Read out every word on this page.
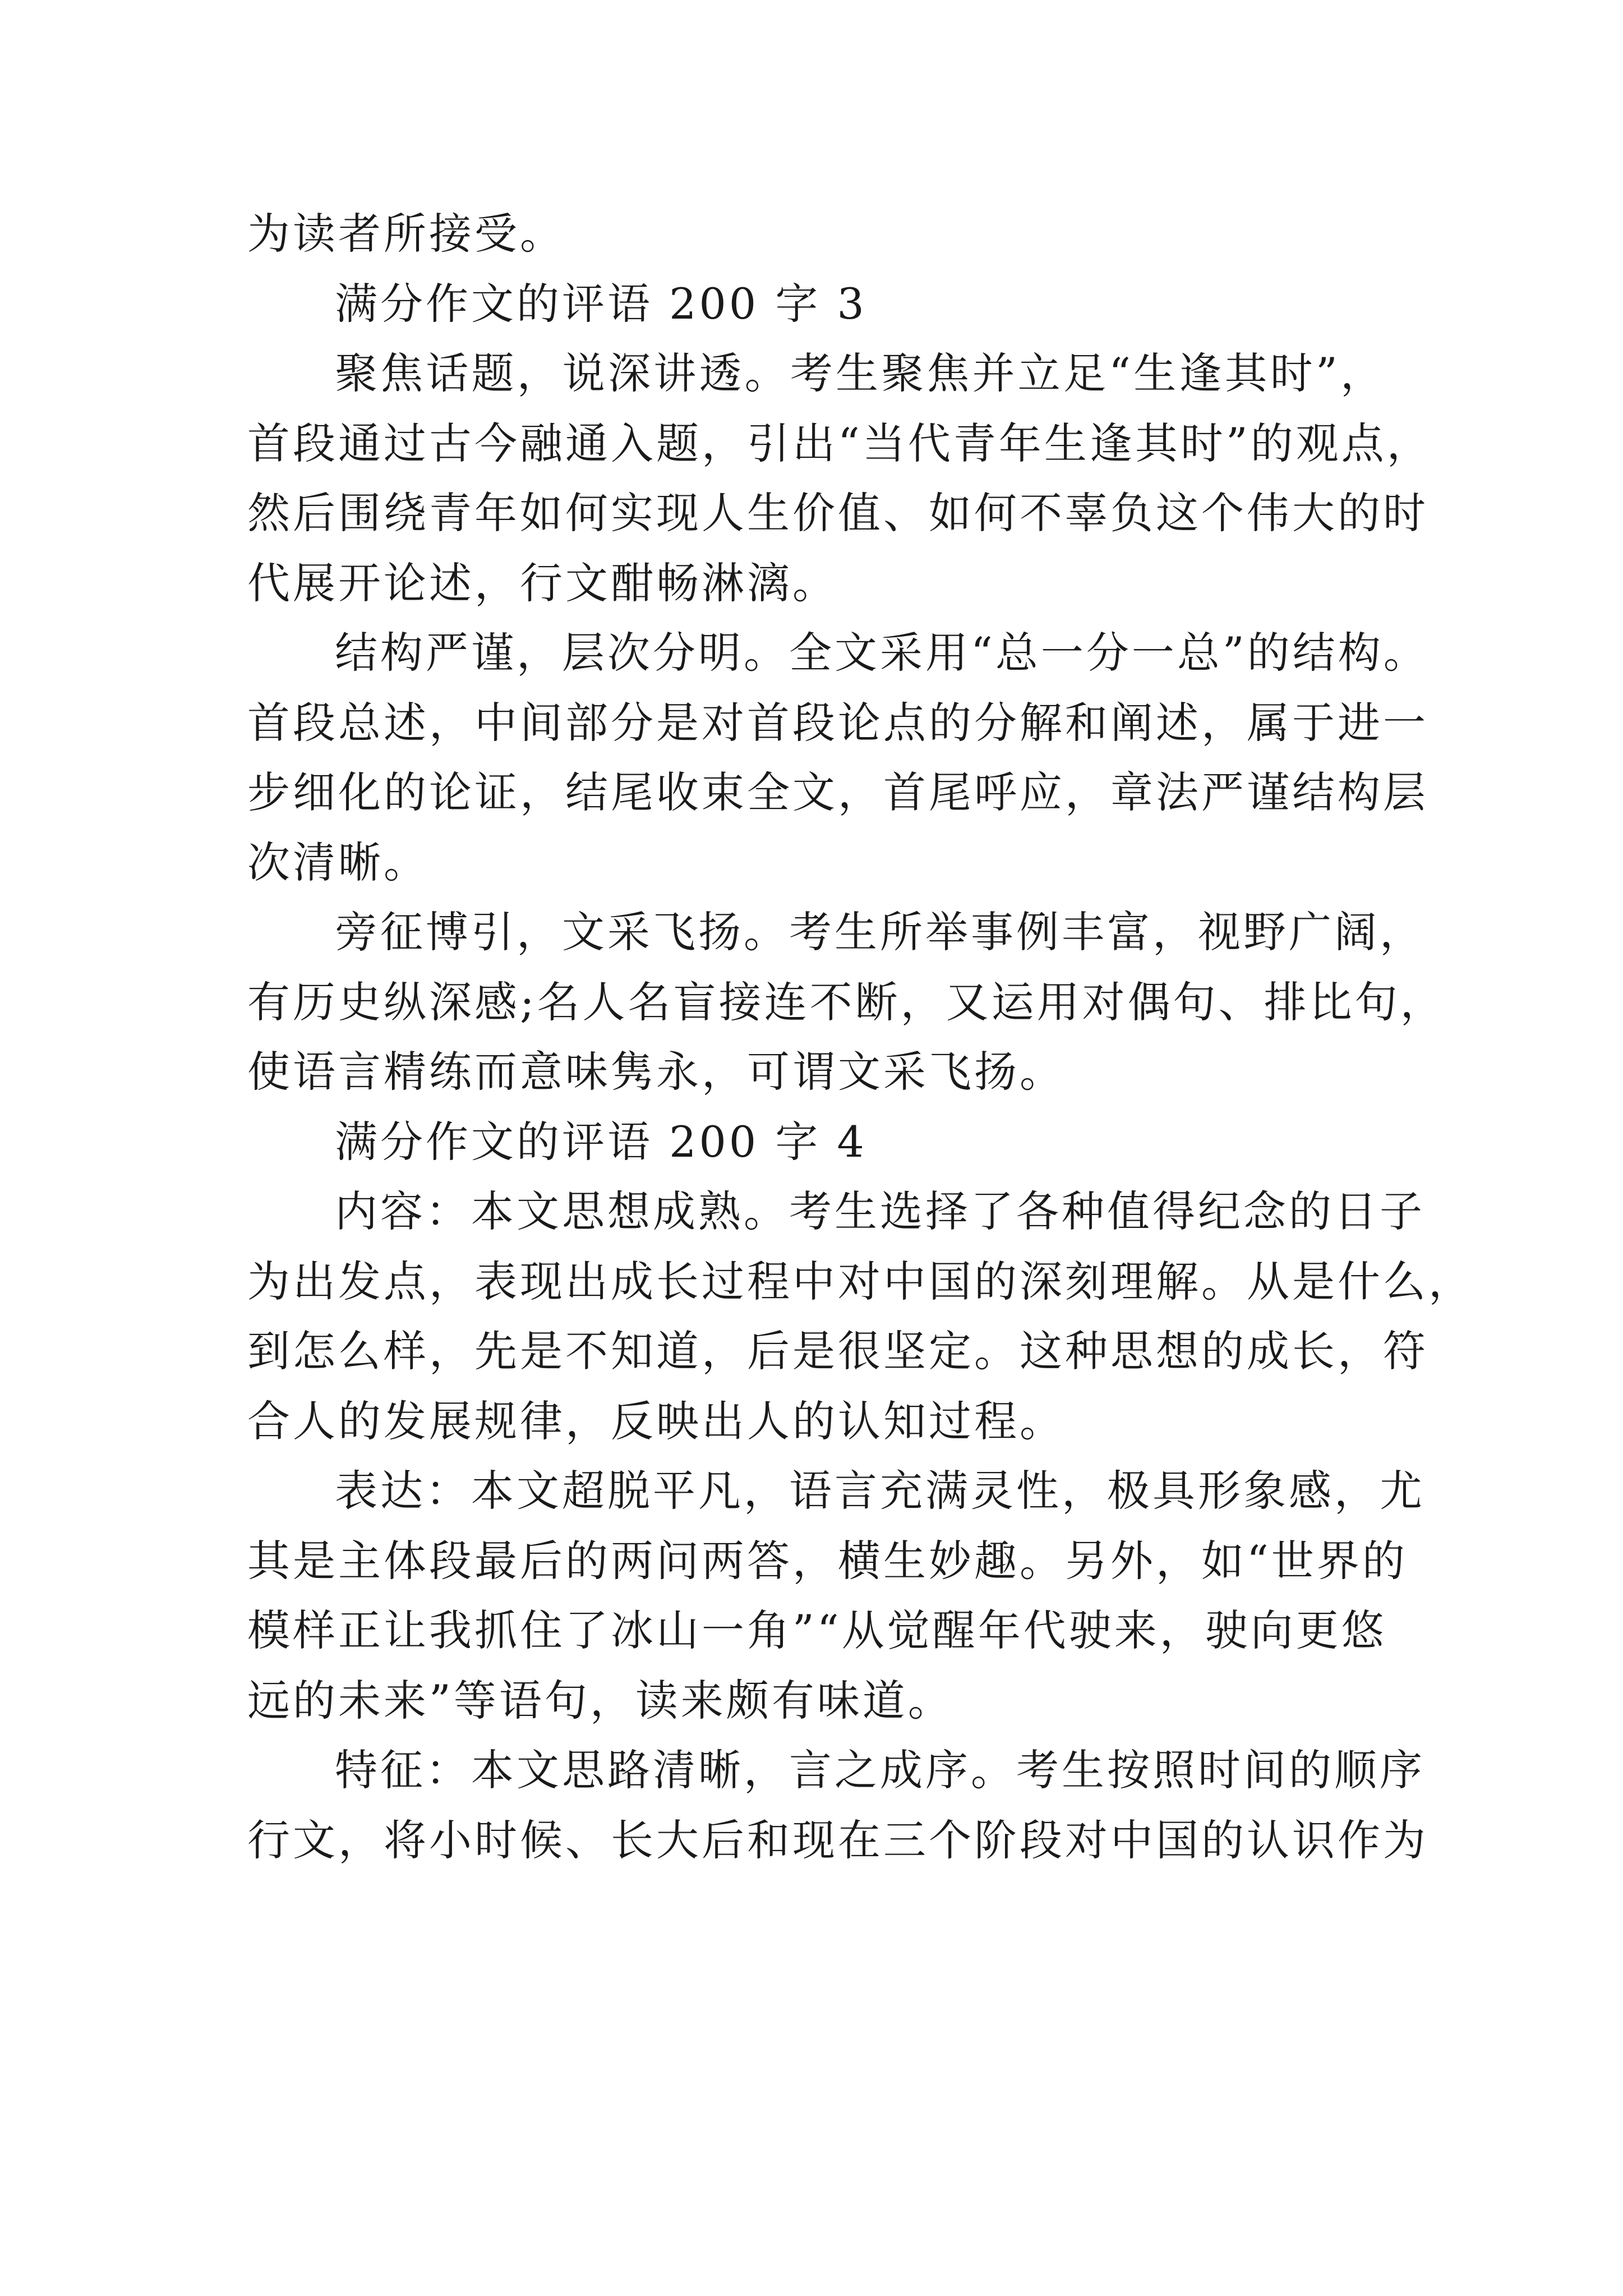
为读者所接受。
满分作文的评语 200 字 3
聚焦话题，说深讲透。考生聚焦并立足“生逢其时”，
首段通过古今融通入题，引出“当代青年生逢其时”的观点，
然后围绕青年如何实现人生价值、如何不辜负这个伟大的时
代展开论述，行文酣畅淋漓。
结构严谨，层次分明。全文采用“总一分一总”的结构。
首段总述，中间部分是对首段论点的分解和阐述，属于进一
步细化的论证，结尾收束全文，首尾呼应，章法严谨结构层
次清晰。
旁征博引，文采飞扬。考生所举事例丰富，视野广阔，
有历史纵深感;名人名盲接连不断，又运用对偶句、排比句，
使语言精练而意味隽永，可谓文采飞扬。
满分作文的评语 200 字 4
内容：本文思想成熟。考生选择了各种值得纪念的日子
为出发点，表现出成长过程中对中国的深刻理解。从是什么，
到怎么样，先是不知道，后是很坚定。这种思想的成长，符
合人的发展规律，反映出人的认知过程。
表达：本文超脱平凡，语言充满灵性，极具形象感，尤
其是主体段最后的两问两答，横生妙趣。另外，如“世界的
模样正让我抓住了冰山一角”“从觉醒年代驶来，驶向更悠
远的未来”等语句，读来颇有味道。
特征：本文思路清晰，言之成序。考生按照时间的顺序
行文，将小时候、长大后和现在三个阶段对中国的认识作为
